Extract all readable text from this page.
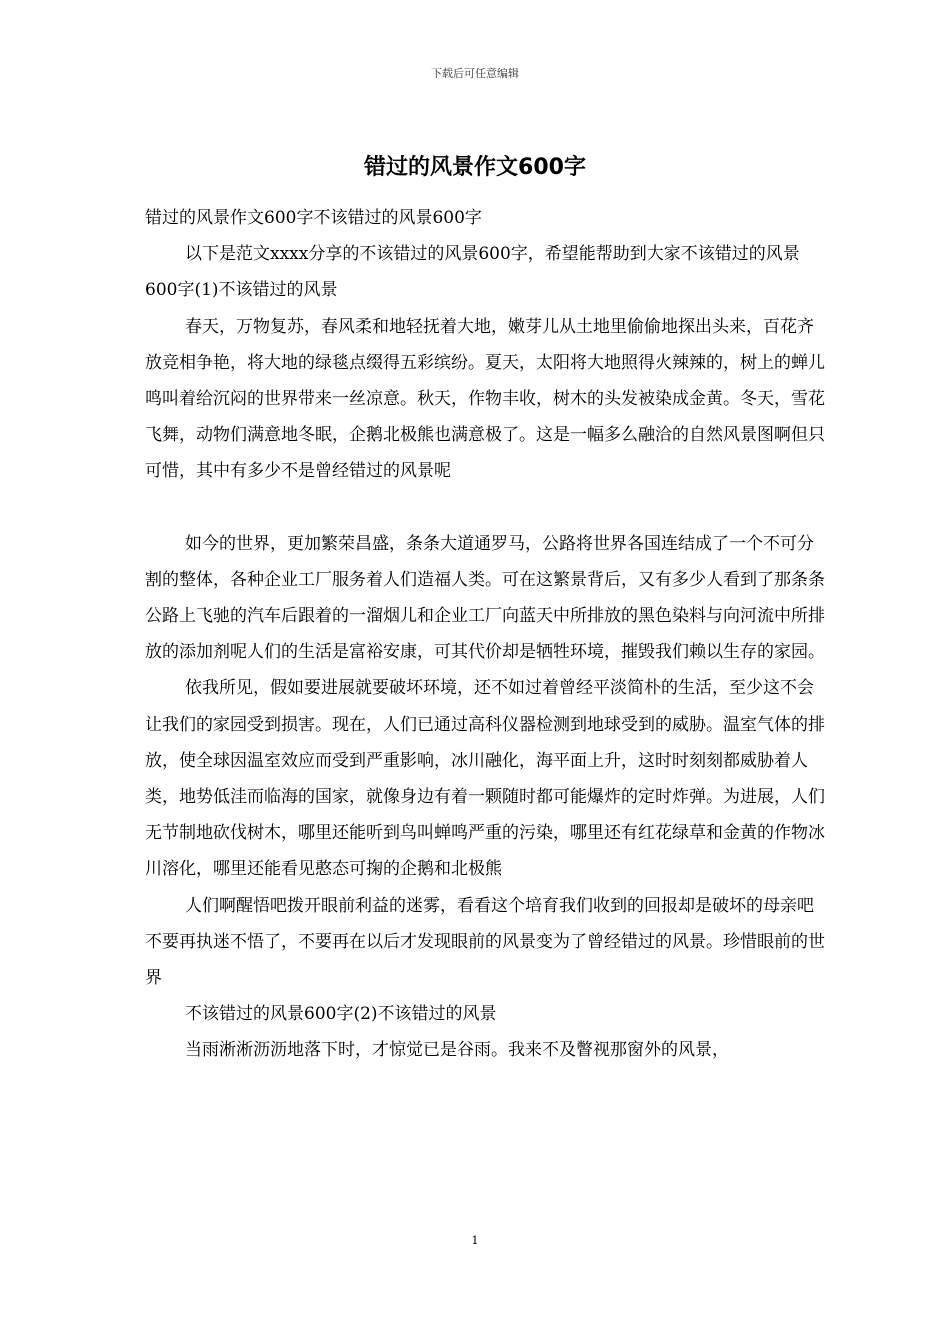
下载后可任意编辑
错过的风景作文600字

错过的风景作文600字不该错过的风景600字

以下是范文xxxx分享的不该错过的风景600字，希望能帮助到大家不该错过的风景600字(1)不该错过的风景

春天，万物复苏，春风柔和地轻抚着大地，嫩芽儿从土地里偷偷地探出头来，百花齐放竞相争艳，将大地的绿毯点缀得五彩缤纷。夏天，太阳将大地照得火辣辣的，树上的蝉儿鸣叫着给沉闷的世界带来一丝凉意。秋天，作物丰收，树木的头发被染成金黄。冬天，雪花飞舞，动物们满意地冬眠，企鹅北极熊也满意极了。这是一幅多么融洽的自然风景图啊但只可惜，其中有多少不是曾经错过的风景呢

如今的世界，更加繁荣昌盛，条条大道通罗马，公路将世界各国连结成了一个不可分割的整体，各种企业工厂服务着人们造福人类。可在这繁景背后，又有多少人看到了那条条公路上飞驰的汽车后跟着的一溜烟儿和企业工厂向蓝天中所排放的黑色染料与向河流中所排放的添加剂呢人们的生活是富裕安康，可其代价却是牺牲环境，摧毁我们赖以生存的家园。

依我所见，假如要进展就要破坏环境，还不如过着曾经平淡简朴的生活，至少这不会让我们的家园受到损害。现在，人们已通过高科仪器检测到地球受到的威胁。温室气体的排放，使全球因温室效应而受到严重影响，冰川融化，海平面上升，这时时刻刻都威胁着人类，地势低洼而临海的国家，就像身边有着一颗随时都可能爆炸的定时炸弹。为进展，人们无节制地砍伐树木，哪里还能听到鸟叫蝉鸣严重的污染，哪里还有红花绿草和金黄的作物冰川溶化，哪里还能看见憨态可掬的企鹅和北极熊

人们啊醒悟吧拨开眼前利益的迷雾，看看这个培育我们收到的回报却是破坏的母亲吧不要再执迷不悟了，不要再在以后才发现眼前的风景变为了曾经错过的风景。珍惜眼前的世界

不该错过的风景600字(2)不该错过的风景

当雨淅淅沥沥地落下时，才惊觉已是谷雨。我来不及瞥视那窗外的风景，

1
